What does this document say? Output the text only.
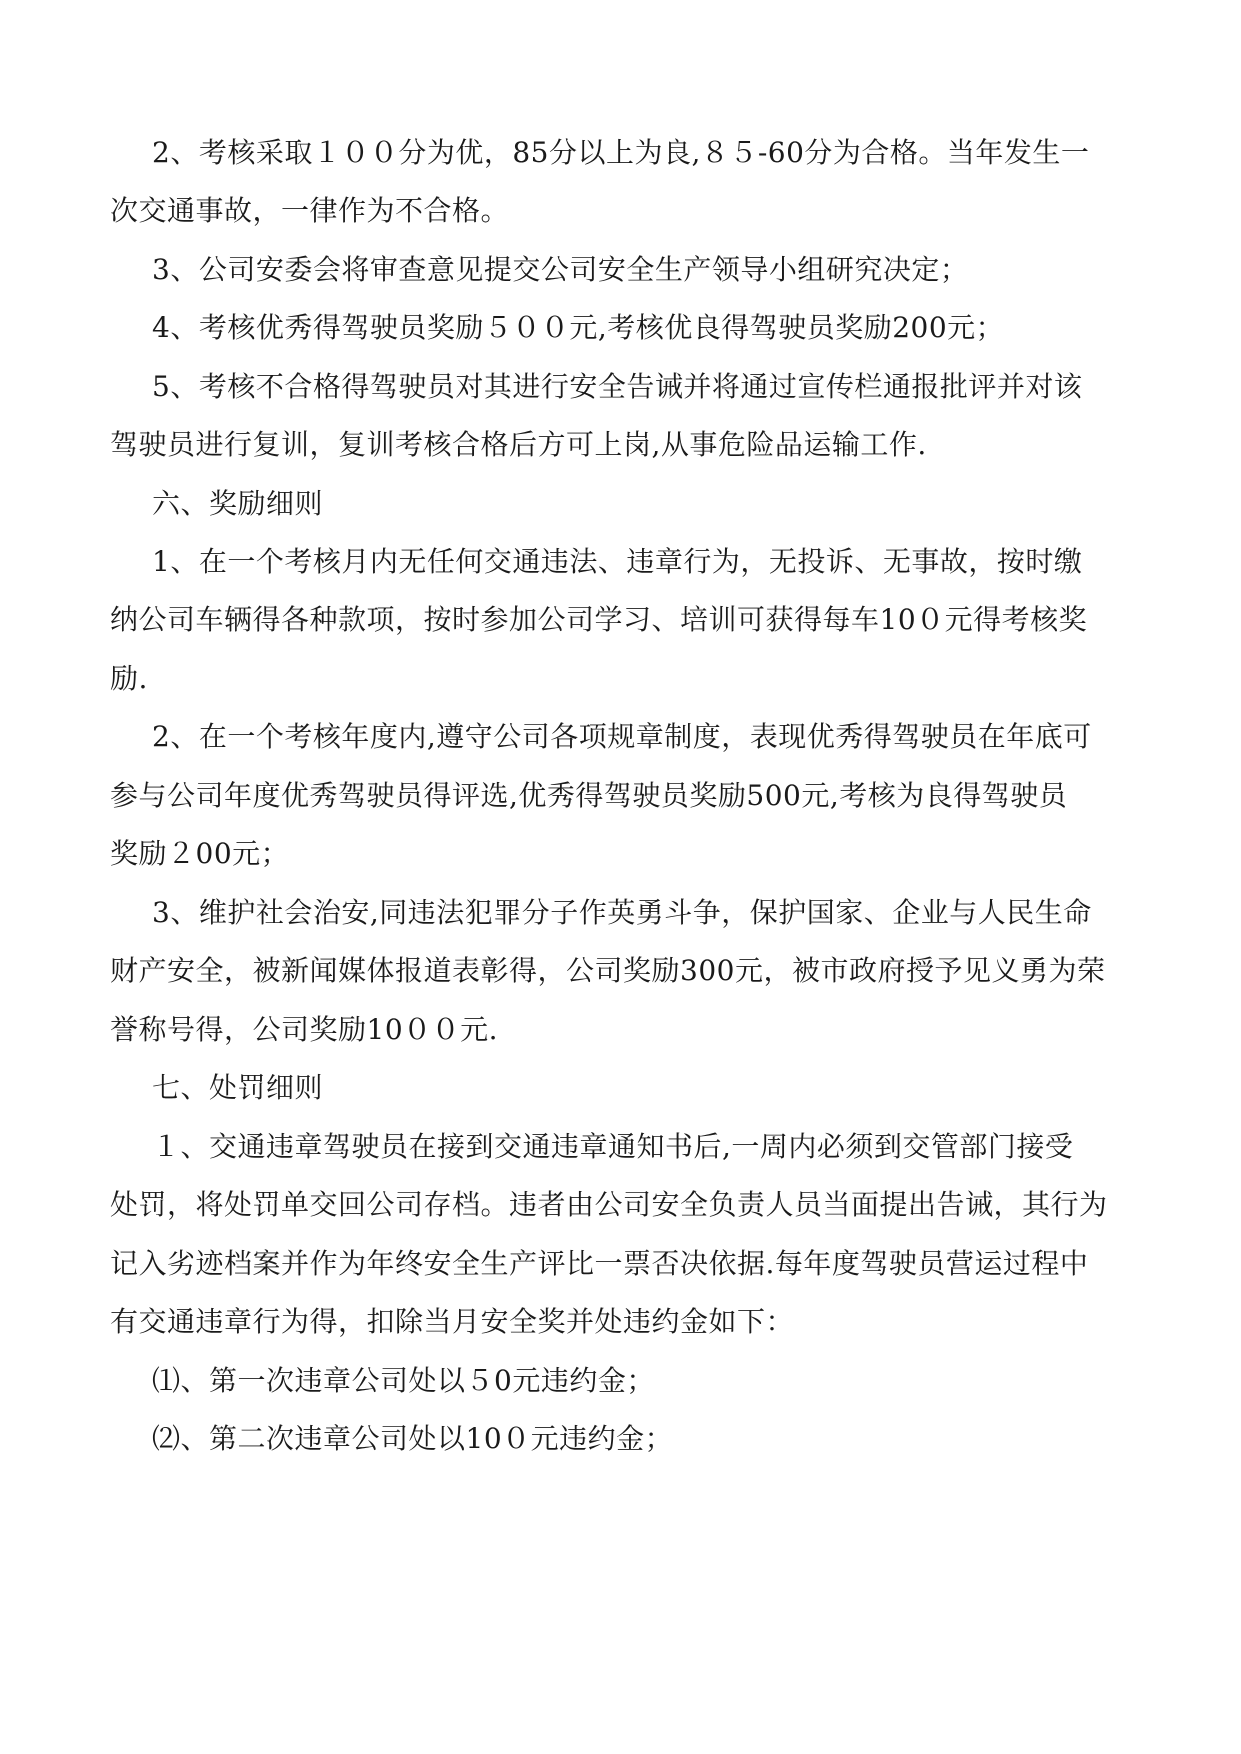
2、考核采取１００分为优，85分以上为良,８５-60分为合格。当年发生一
次交通事故，一律作为不合格。
3、公司安委会将审查意见提交公司安全生产领导小组研究决定；
4、考核优秀得驾驶员奖励５００元,考核优良得驾驶员奖励200元；
5、考核不合格得驾驶员对其进行安全告诫并将通过宣传栏通报批评并对该
驾驶员进行复训，复训考核合格后方可上岗,从事危险品运输工作.
六、奖励细则
1、在一个考核月内无任何交通违法、违章行为，无投诉、无事故，按时缴
纳公司车辆得各种款项，按时参加公司学习、培训可获得每车10０元得考核奖
励.
2、在一个考核年度内,遵守公司各项规章制度，表现优秀得驾驶员在年底可
参与公司年度优秀驾驶员得评选,优秀得驾驶员奖励500元,考核为良得驾驶员
奖励２00元；
3、维护社会治安,同违法犯罪分子作英勇斗争，保护国家、企业与人民生命
财产安全，被新闻媒体报道表彰得，公司奖励300元，被市政府授予见义勇为荣
誉称号得，公司奖励10００元.
七、处罚细则
１、交通违章驾驶员在接到交通违章通知书后,一周内必须到交管部门接受
处罚，将处罚单交回公司存档。违者由公司安全负责人员当面提出告诫，其行为
记入劣迹档案并作为年终安全生产评比一票否决依据.每年度驾驶员营运过程中
有交通违章行为得，扣除当月安全奖并处违约金如下：
⑴、第一次违章公司处以５0元违约金；
⑵、第二次违章公司处以10０元违约金；
